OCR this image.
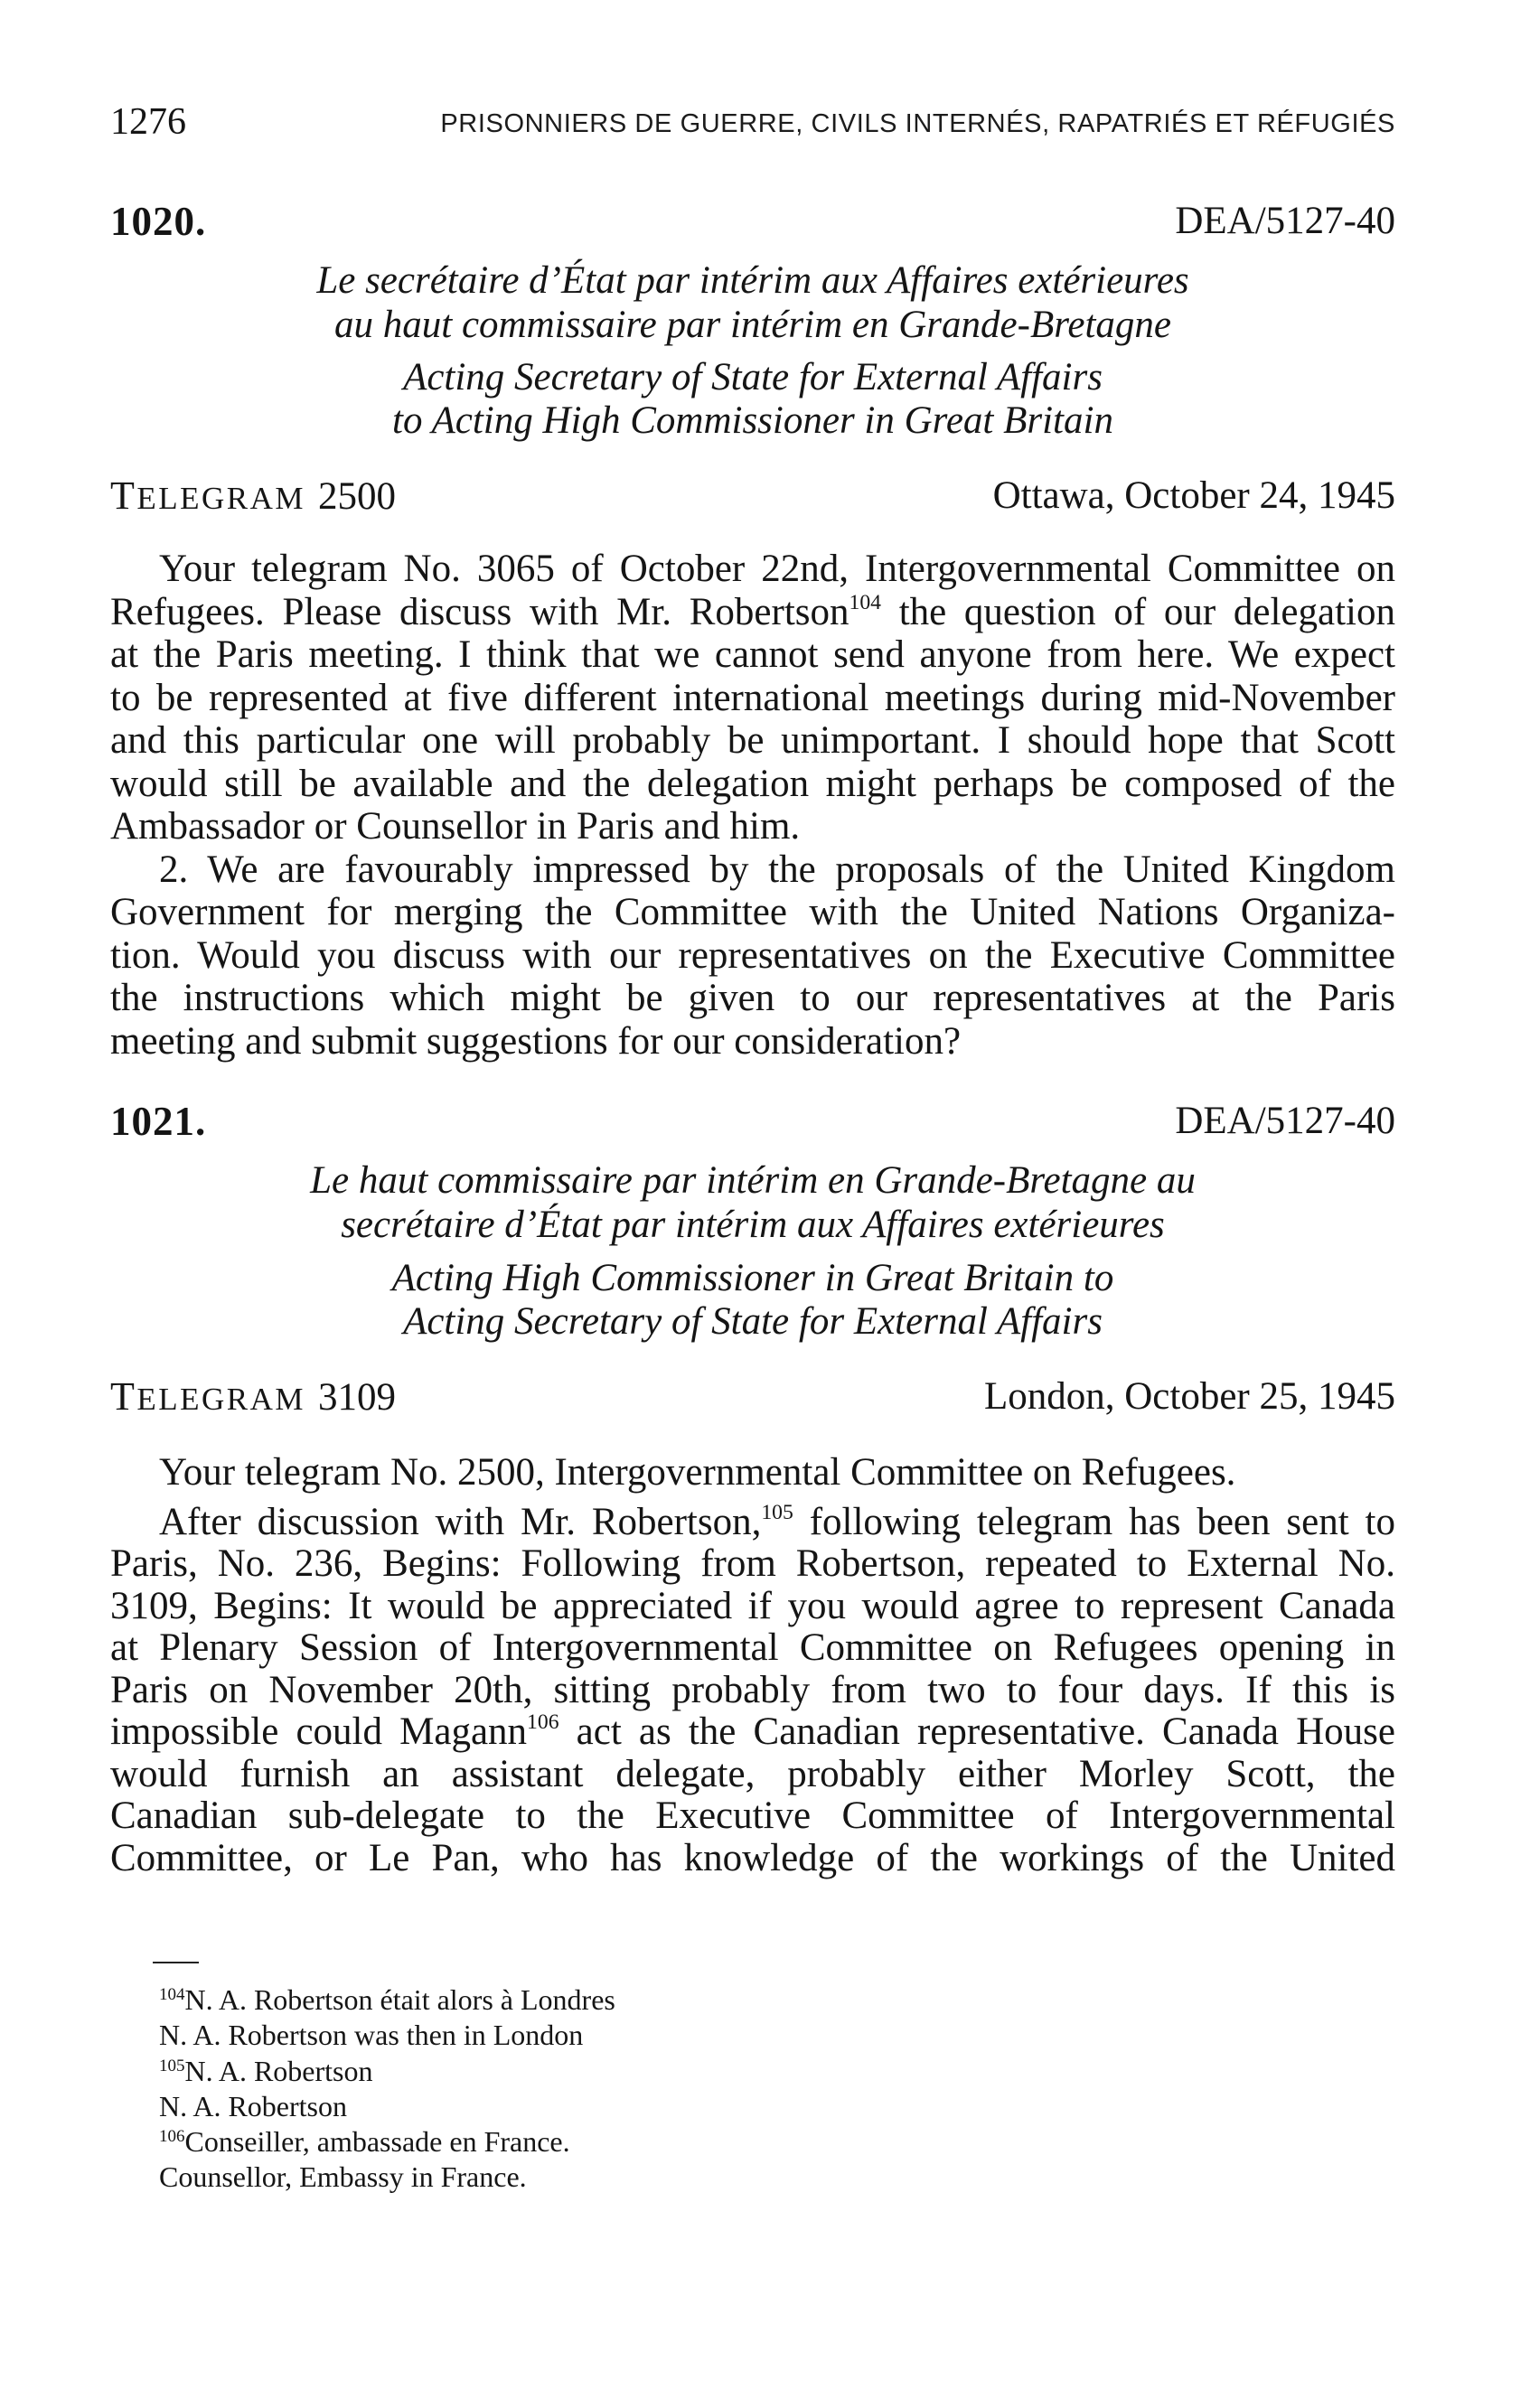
1276	PRISONNIERS DE GUERRE, CIVILS INTERNÉS, RAPATRIÉS ET RÉFUGIÉS
1020.	DEA/5127-40
Le secrétaire d’État par intérim aux Affaires extérieures
au haut commissaire par intérim en Grande-Bretagne
Acting Secretary of State for External Affairs
to Acting High Commissioner in Great Britain
TELEGRAM 2500	Ottawa, October 24, 1945
Your telegram No. 3065 of October 22nd, Intergovernmental Committee on
Refugees. Please discuss with Mr. Robertson$^{104}$ the question of our delegation
at the Paris meeting. I think that we cannot send anyone from here. We expect
to be represented at five different international meetings during mid-November
and this particular one will probably be unimportant. I should hope that Scott
would still be available and the delegation might perhaps be composed of the
Ambassador or Counsellor in Paris and him.
2. We are favourably impressed by the proposals of the United Kingdom
Government for merging the Committee with the United Nations Organiza-
tion. Would you discuss with our representatives on the Executive Committee
the instructions which might be given to our representatives at the Paris
meeting and submit suggestions for our consideration?
1021.	DEA/5127-40
Le haut commissaire par intérim en Grande-Bretagne au
secrétaire d’État par intérim aux Affaires extérieures
Acting High Commissioner in Great Britain to
Acting Secretary of State for External Affairs
TELEGRAM 3109	London, October 25, 1945
Your telegram No. 2500, Intergovernmental Committee on Refugees.
After discussion with Mr. Robertson,$^{105}$ following telegram has been sent to
Paris, No. 236, Begins: Following from Robertson, repeated to External No.
3109, Begins: It would be appreciated if you would agree to represent Canada
at Plenary Session of Intergovernmental Committee on Refugees opening in
Paris on November 20th, sitting probably from two to four days. If this is
impossible could Magann$^{106}$ act as the Canadian representative. Canada House
would furnish an assistant delegate, probably either Morley Scott, the
Canadian sub-delegate to the Executive Committee of Intergovernmental
Committee, or Le Pan, who has knowledge of the workings of the United
$^{104}$N. A. Robertson était alors à Londres
N. A. Robertson was then in London
$^{105}$N. A. Robertson
N. A. Robertson
$^{106}$Conseiller, ambassade en France.
Counsellor, Embassy in France.
